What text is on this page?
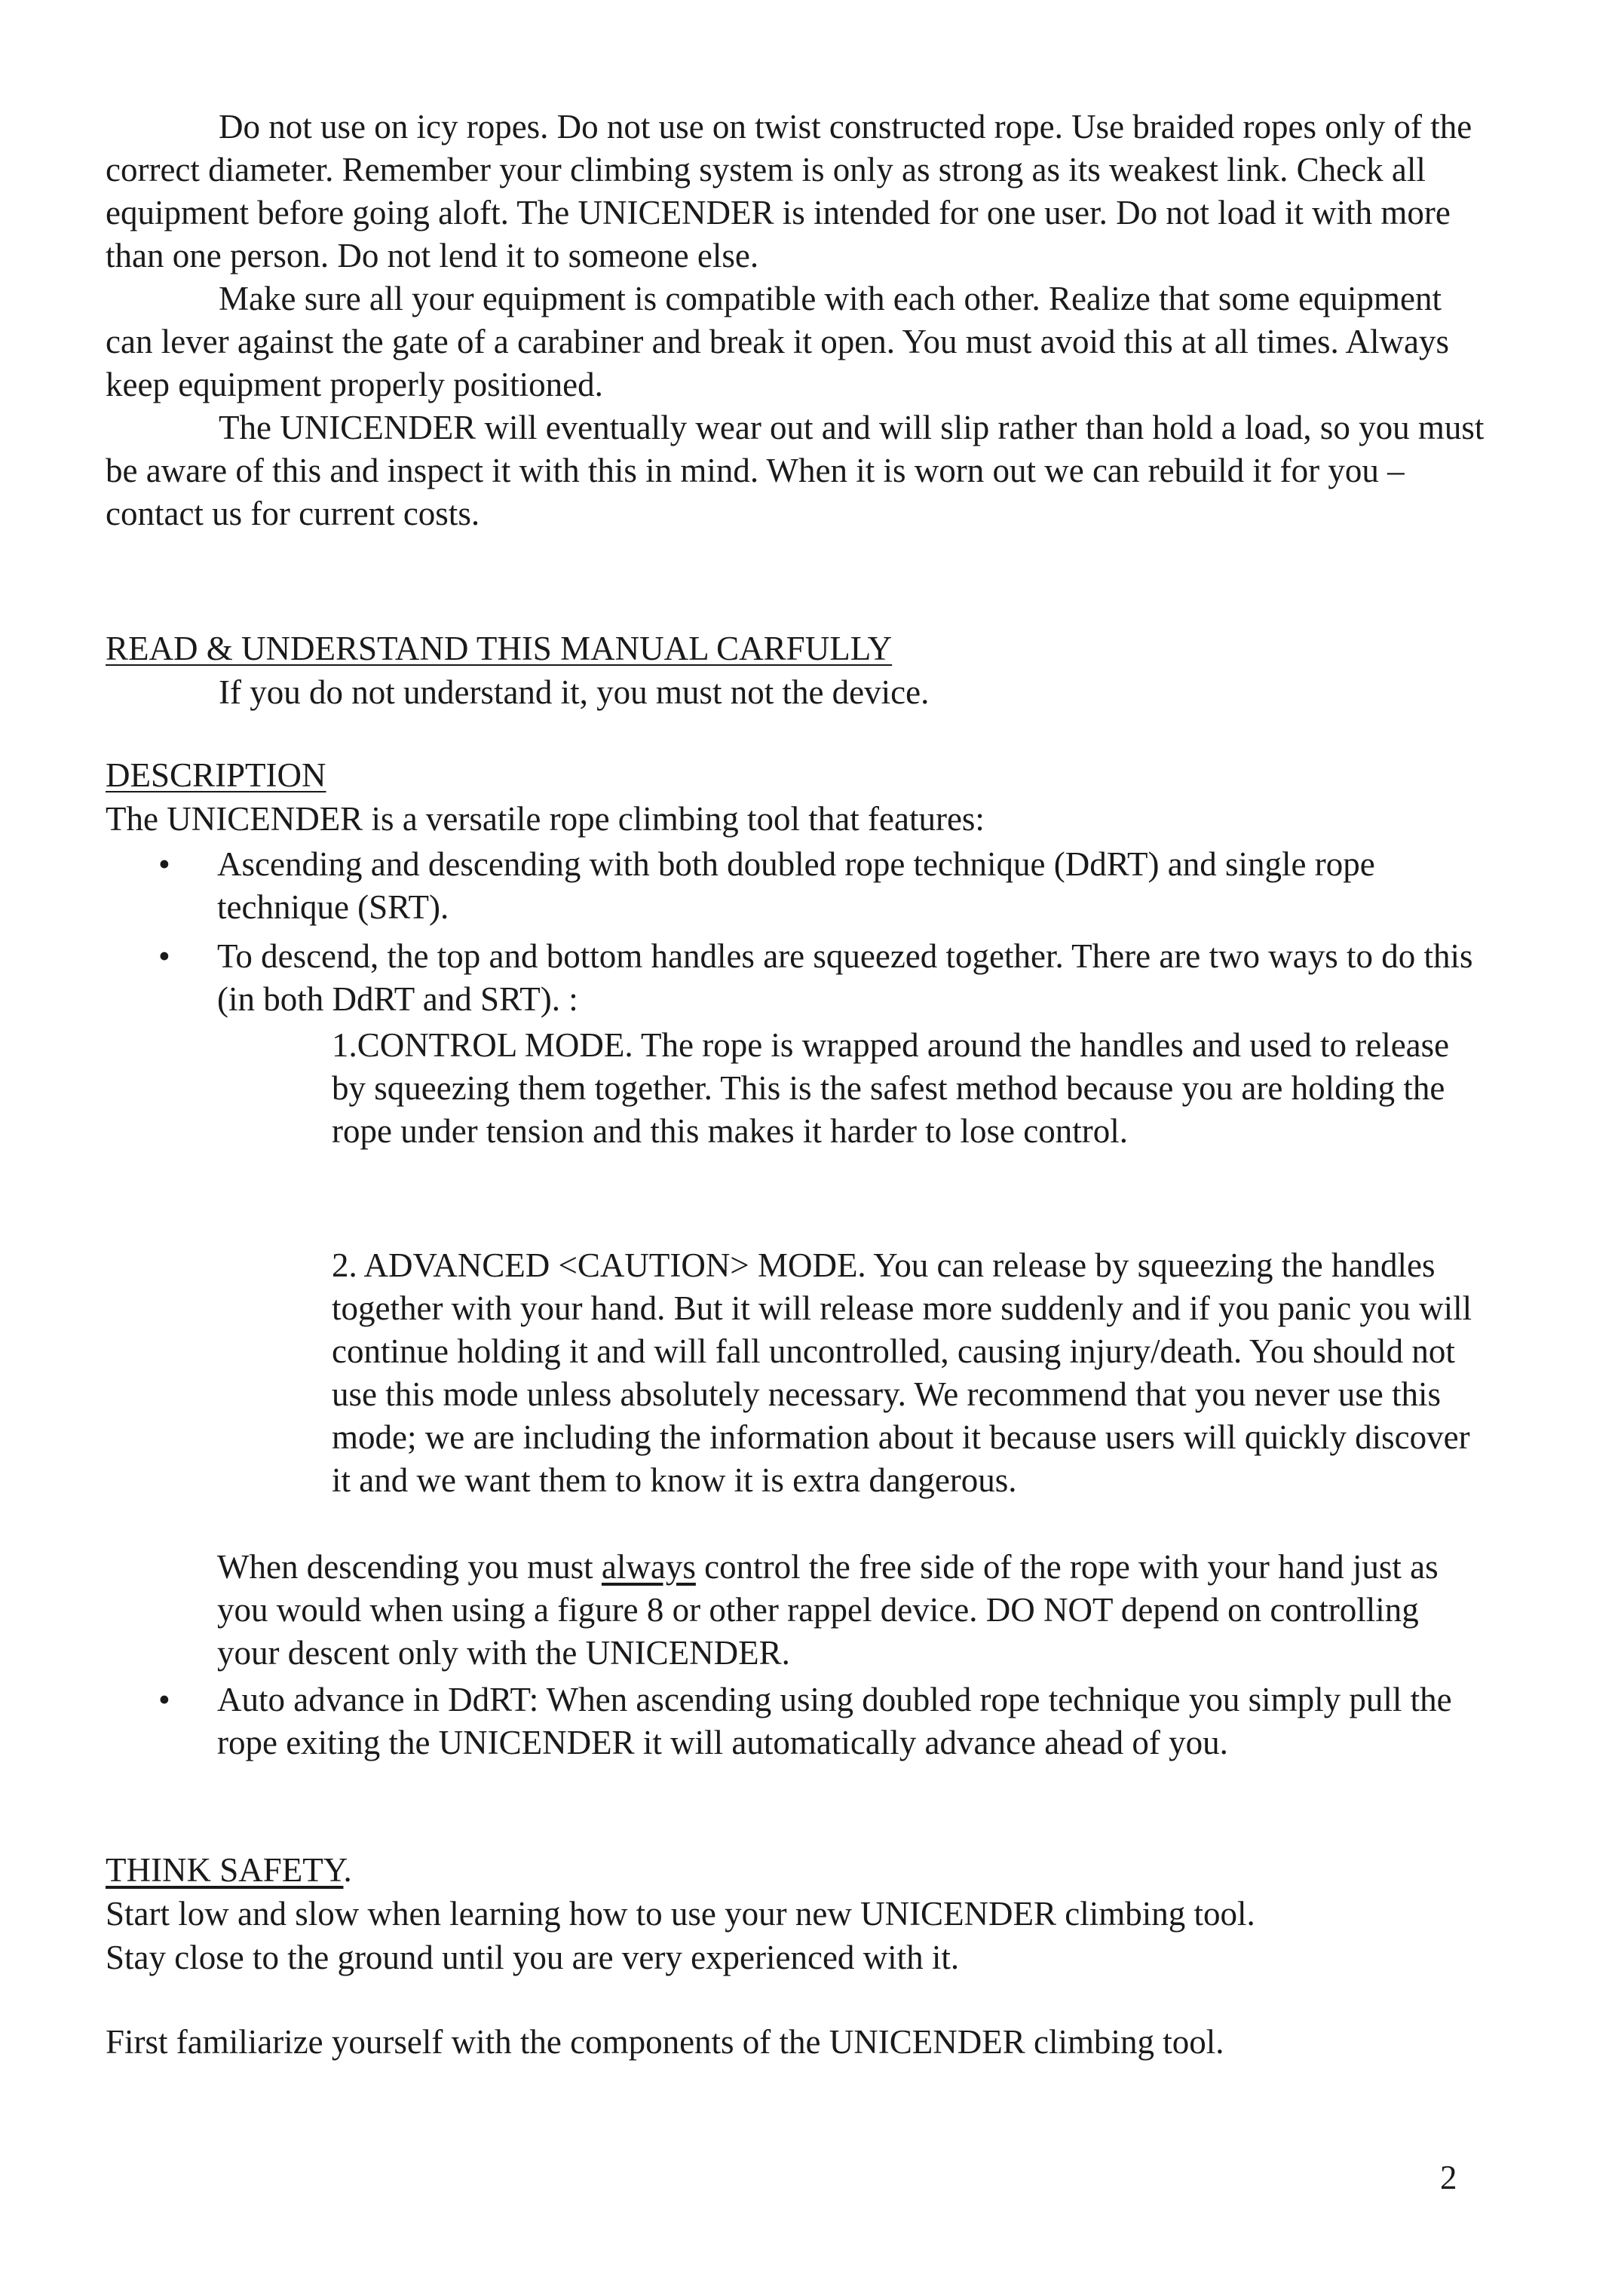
Do not use on icy ropes. Do not use on twist constructed rope. Use braided ropes only of the correct diameter. Remember your climbing system is only as strong as its weakest link. Check all equipment before going aloft. The UNICENDER is intended for one user. Do not load it with more than one person. Do not lend it to someone else.

Make sure all your equipment is compatible with each other. Realize that some equipment can lever against the gate of a carabiner and break it open. You must avoid this at all times. Always keep equipment properly positioned.

The UNICENDER will eventually wear out and will slip rather than hold a load, so you must be aware of this and inspect it with this in mind. When it is worn out we can rebuild it for you – contact us for current costs.

READ & UNDERSTAND THIS MANUAL CARFULLY
If you do not understand it, you must not the device.
DESCRIPTION
The UNICENDER is a versatile rope climbing tool that features:
•	Ascending and descending with both doubled rope technique (DdRT) and single rope technique (SRT).
•	To descend, the top and bottom handles are squeezed together. There are two ways to do this (in both DdRT and SRT). :
1.CONTROL MODE. The rope is wrapped around the handles and used to release by squeezing them together. This is the safest method because you are holding the rope under tension and this makes it harder to lose control.
2. ADVANCED <CAUTION> MODE. You can release by squeezing the handles together with your hand. But it will release more suddenly and if you panic you will continue holding it and will fall uncontrolled, causing injury/death. You should not use this mode unless absolutely necessary. We recommend that you never use this mode; we are including the information about it because users will quickly discover it and we want them to know it is extra dangerous.
When descending you must always control the free side of the rope with your hand just as you would when using a figure 8 or other rappel device. DO NOT depend on controlling your descent only with the UNICENDER.
•	Auto advance in DdRT: When ascending using doubled rope technique you simply pull the rope exiting the UNICENDER it will automatically advance ahead of you.
THINK SAFETY.
Start low and slow when learning how to use your new UNICENDER climbing tool.
Stay close to the ground until you are very experienced with it.
First familiarize yourself with the components of the UNICENDER climbing tool.
2
